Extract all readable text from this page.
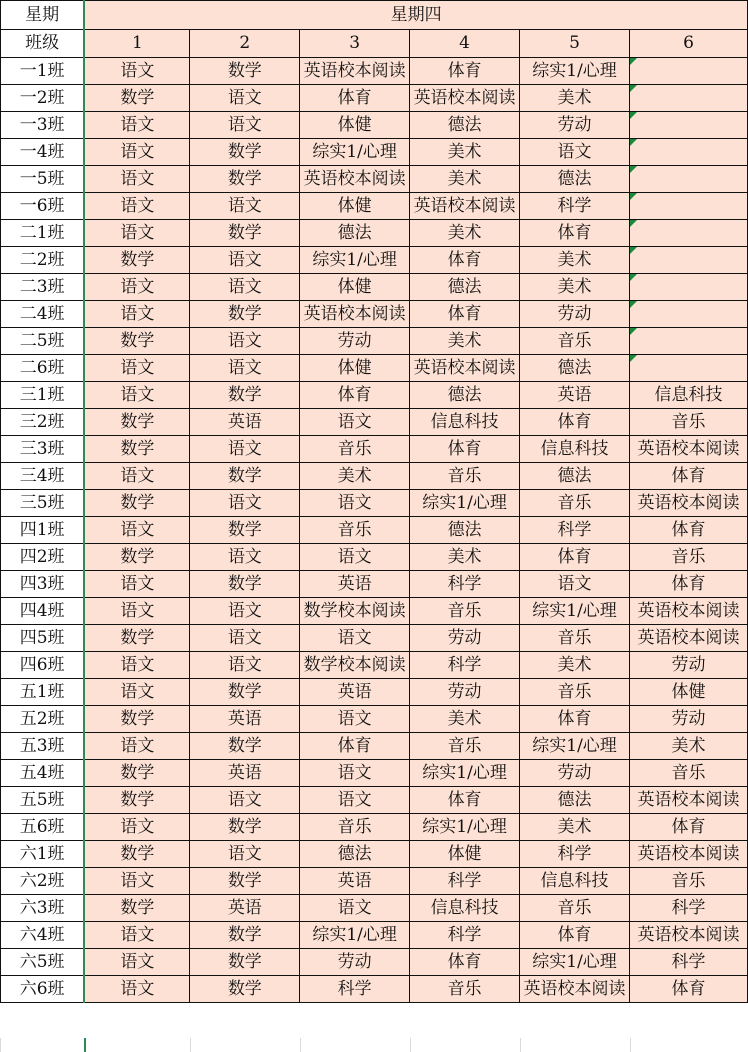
星期	星期四					
班级	1	2	3	4	5	6
一1班	语文	数学	英语校本阅读	体育	综实1/心理	

一2班	数学	语文	体育	英语校本阅读	美术	

一3班	语文	语文	体健	德法	劳动	

一4班	语文	数学	综实1/心理	美术	语文	

一5班	语文	数学	英语校本阅读	美术	德法	

一6班	语文	语文	体健	英语校本阅读	科学	

二1班	语文	数学	德法	美术	体育	

二2班	数学	语文	综实1/心理	体育	美术	

二3班	语文	语文	体健	德法	美术	

二4班	语文	数学	英语校本阅读	体育	劳动	

二5班	数学	语文	劳动	美术	音乐	

二6班	语文	语文	体健	英语校本阅读	德法	

三1班	语文	数学	体育	德法	英语	信息科技

三2班	数学	英语	语文	信息科技	体育	音乐

三3班	数学	语文	音乐	体育	信息科技	英语校本阅读

三4班	语文	数学	美术	音乐	德法	体育

三5班	数学	语文	语文	综实1/心理	音乐	英语校本阅读

四1班	语文	数学	音乐	德法	科学	体育

四2班	数学	语文	语文	美术	体育	音乐

四3班	语文	数学	英语	科学	语文	体育

四4班	语文	语文	数学校本阅读	音乐	综实1/心理	英语校本阅读

四5班	数学	语文	语文	劳动	音乐	英语校本阅读

四6班	语文	语文	数学校本阅读	科学	美术	劳动

五1班	语文	数学	英语	劳动	音乐	体健

五2班	数学	英语	语文	美术	体育	劳动

五3班	语文	数学	体育	音乐	综实1/心理	美术

五4班	数学	英语	语文	综实1/心理	劳动	音乐

五5班	数学	语文	语文	体育	德法	英语校本阅读

五6班	语文	数学	音乐	综实1/心理	美术	体育

六1班	数学	语文	德法	体健	科学	英语校本阅读

六2班	语文	数学	英语	科学	信息科技	音乐

六3班	数学	英语	语文	信息科技	音乐	科学

六4班	语文	数学	综实1/心理	科学	体育	英语校本阅读

六5班	语文	数学	劳动	体育	综实1/心理	科学

六6班	语文	数学	科学	音乐	英语校本阅读	体育
